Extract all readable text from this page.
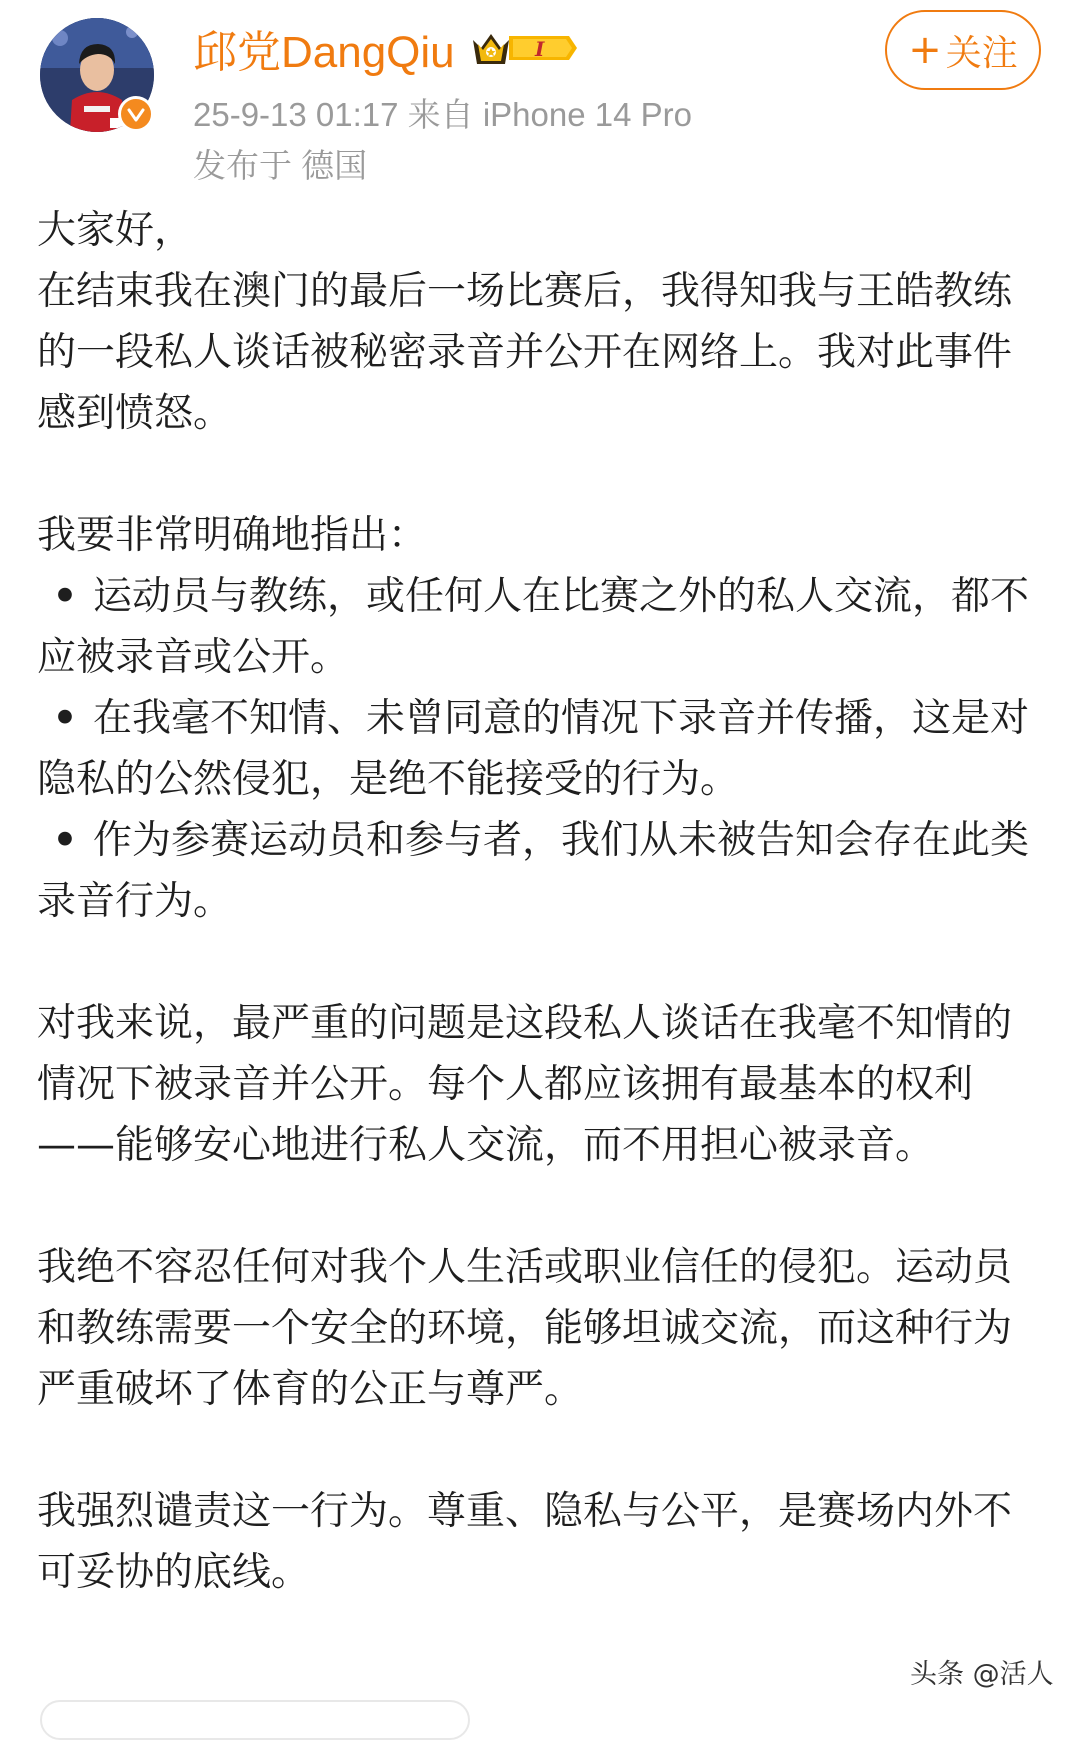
邱党DangQiu	I
25-9-13 01:17 来自 iPhone 14 Pro
发布于 德国
+ 关注

大家好，

在结束我在澳门的最后一场比赛后，我得知我与王皓教练的一段私人谈话被秘密录音并公开在网络上。我对此事件感到愤怒。

我要非常明确地指出：

• 运动员与教练，或任何人在比赛之外的私人交流，都不应被录音或公开。

• 在我毫不知情、未曾同意的情况下录音并传播，这是对隐私的公然侵犯，是绝不能接受的行为。

• 作为参赛运动员和参与者，我们从未被告知会存在此类录音行为。

对我来说，最严重的问题是这段私人谈话在我毫不知情的情况下被录音并公开。每个人都应该拥有最基本的权利——能够安心地进行私人交流，而不用担心被录音。

我绝不容忍任何对我个人生活或职业信任的侵犯。运动员和教练需要一个安全的环境，能够坦诚交流，而这种行为严重破坏了体育的公正与尊严。

我强烈谴责这一行为。尊重、隐私与公平，是赛场内外不可妥协的底线。

头条 @活人
